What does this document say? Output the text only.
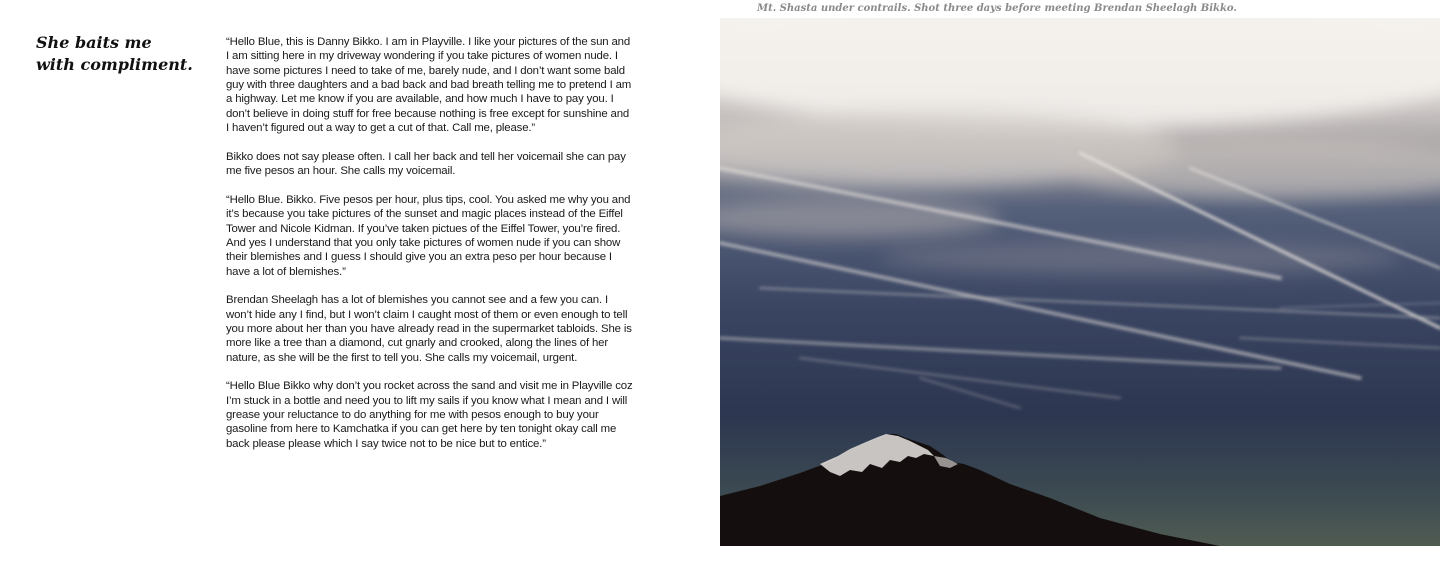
She baits me
with compliment.

“Hello Blue, this is Danny Bikko. I am in Playville. I like your pictures of the sun and I am sitting here in my driveway wondering if you take pictures of women nude. I have some pictures I need to take of me, barely nude, and I don’t want some bald guy with three daughters and a bad back and bad breath telling me to pretend I am a highway. Let me know if you are available, and how much I have to pay you. I don’t believe in doing stuff for free because nothing is free except for sunshine and I haven’t figured out a way to get a cut of that. Call me, please.”

Bikko does not say please often. I call her back and tell her voicemail she can pay me five pesos an hour. She calls my voicemail.

“Hello Blue. Bikko. Five pesos per hour, plus tips, cool. You asked me why you and it’s because you take pictures of the sunset and magic places instead of the Eiffel Tower and Nicole Kidman. If you’ve taken pictues of the Eiffel Tower, you’re fired. And yes I understand that you only take pictures of women nude if you can show their blemishes and I guess I should give you an extra peso per hour because I have a lot of blemishes.”

Brendan Sheelagh has a lot of blemishes you cannot see and a few you can. I won’t hide any I find, but I won’t claim I caught most of them or even enough to tell you more about her than you have already read in the supermarket tabloids. She is more like a tree than a diamond, cut gnarly and crooked, along the lines of her nature, as she will be the first to tell you. She calls my voicemail, urgent.

“Hello Blue Bikko why don’t you rocket across the sand and visit me in Playville coz I’m stuck in a bottle and need you to lift my sails if you know what I mean and I will grease your reluctance to do anything for me with pesos enough to buy your gasoline from here to Kamchatka if you can get here by ten tonight okay call me back please please which I say twice not to be nice but to entice.”

Mt. Shasta under contrails. Shot three days before meeting Brendan Sheelagh Bikko.
